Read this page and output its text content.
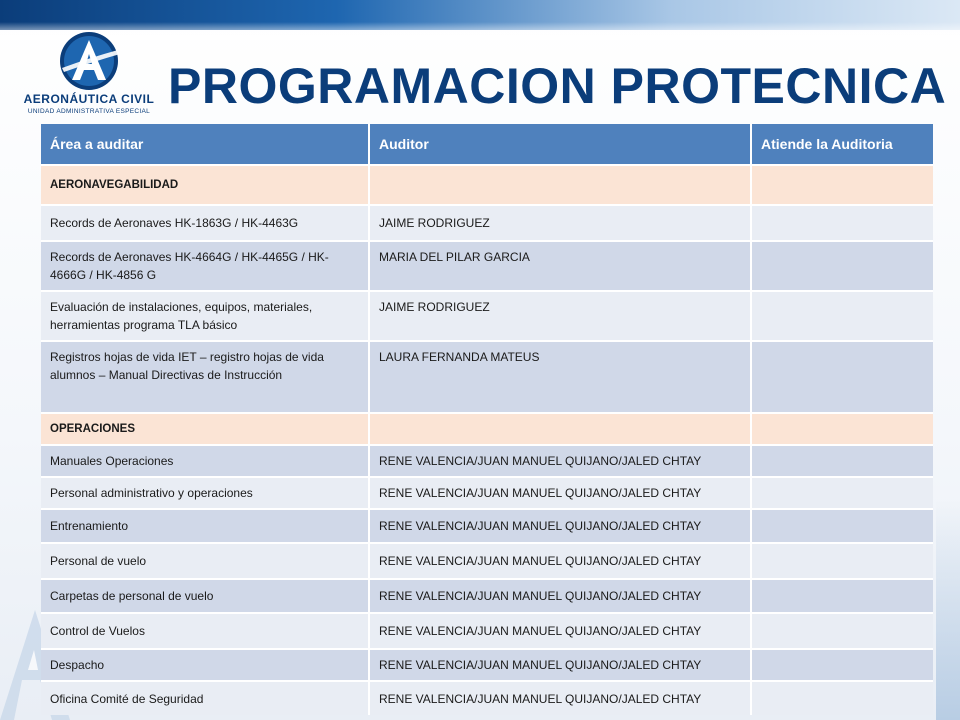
AERONÁUTICA CIVIL
UNIDAD ADMINISTRATIVA ESPECIAL PROGRAMACION PROTECNICA
Área a auditar	Auditor	Atiende la Auditoria
AERONAVEGABILIDAD		
Records de Aeronaves HK-1863G / HK-4463G	JAIME RODRIGUEZ	
Records de Aeronaves HK-4664G / HK-4465G / HK-4666G / HK-4856 G	MARIA DEL PILAR GARCIA	
Evaluación de instalaciones, equipos, materiales, herramientas programa TLA básico	JAIME RODRIGUEZ	
Registros hojas de vida IET – registro hojas de vida alumnos – Manual Directivas de Instrucción	LAURA FERNANDA MATEUS	
OPERACIONES		
Manuales Operaciones	RENE VALENCIA/JUAN MANUEL QUIJANO/JALED CHTAY	
Personal administrativo y operaciones	RENE VALENCIA/JUAN MANUEL QUIJANO/JALED CHTAY	
Entrenamiento	RENE VALENCIA/JUAN MANUEL QUIJANO/JALED CHTAY	
Personal de vuelo	RENE VALENCIA/JUAN MANUEL QUIJANO/JALED CHTAY	
Carpetas de personal de vuelo	RENE VALENCIA/JUAN MANUEL QUIJANO/JALED CHTAY	
Control de Vuelos	RENE VALENCIA/JUAN MANUEL QUIJANO/JALED CHTAY	
Despacho	RENE VALENCIA/JUAN MANUEL QUIJANO/JALED CHTAY	
Oficina Comité de Seguridad	RENE VALENCIA/JUAN MANUEL QUIJANO/JALED CHTAY	
